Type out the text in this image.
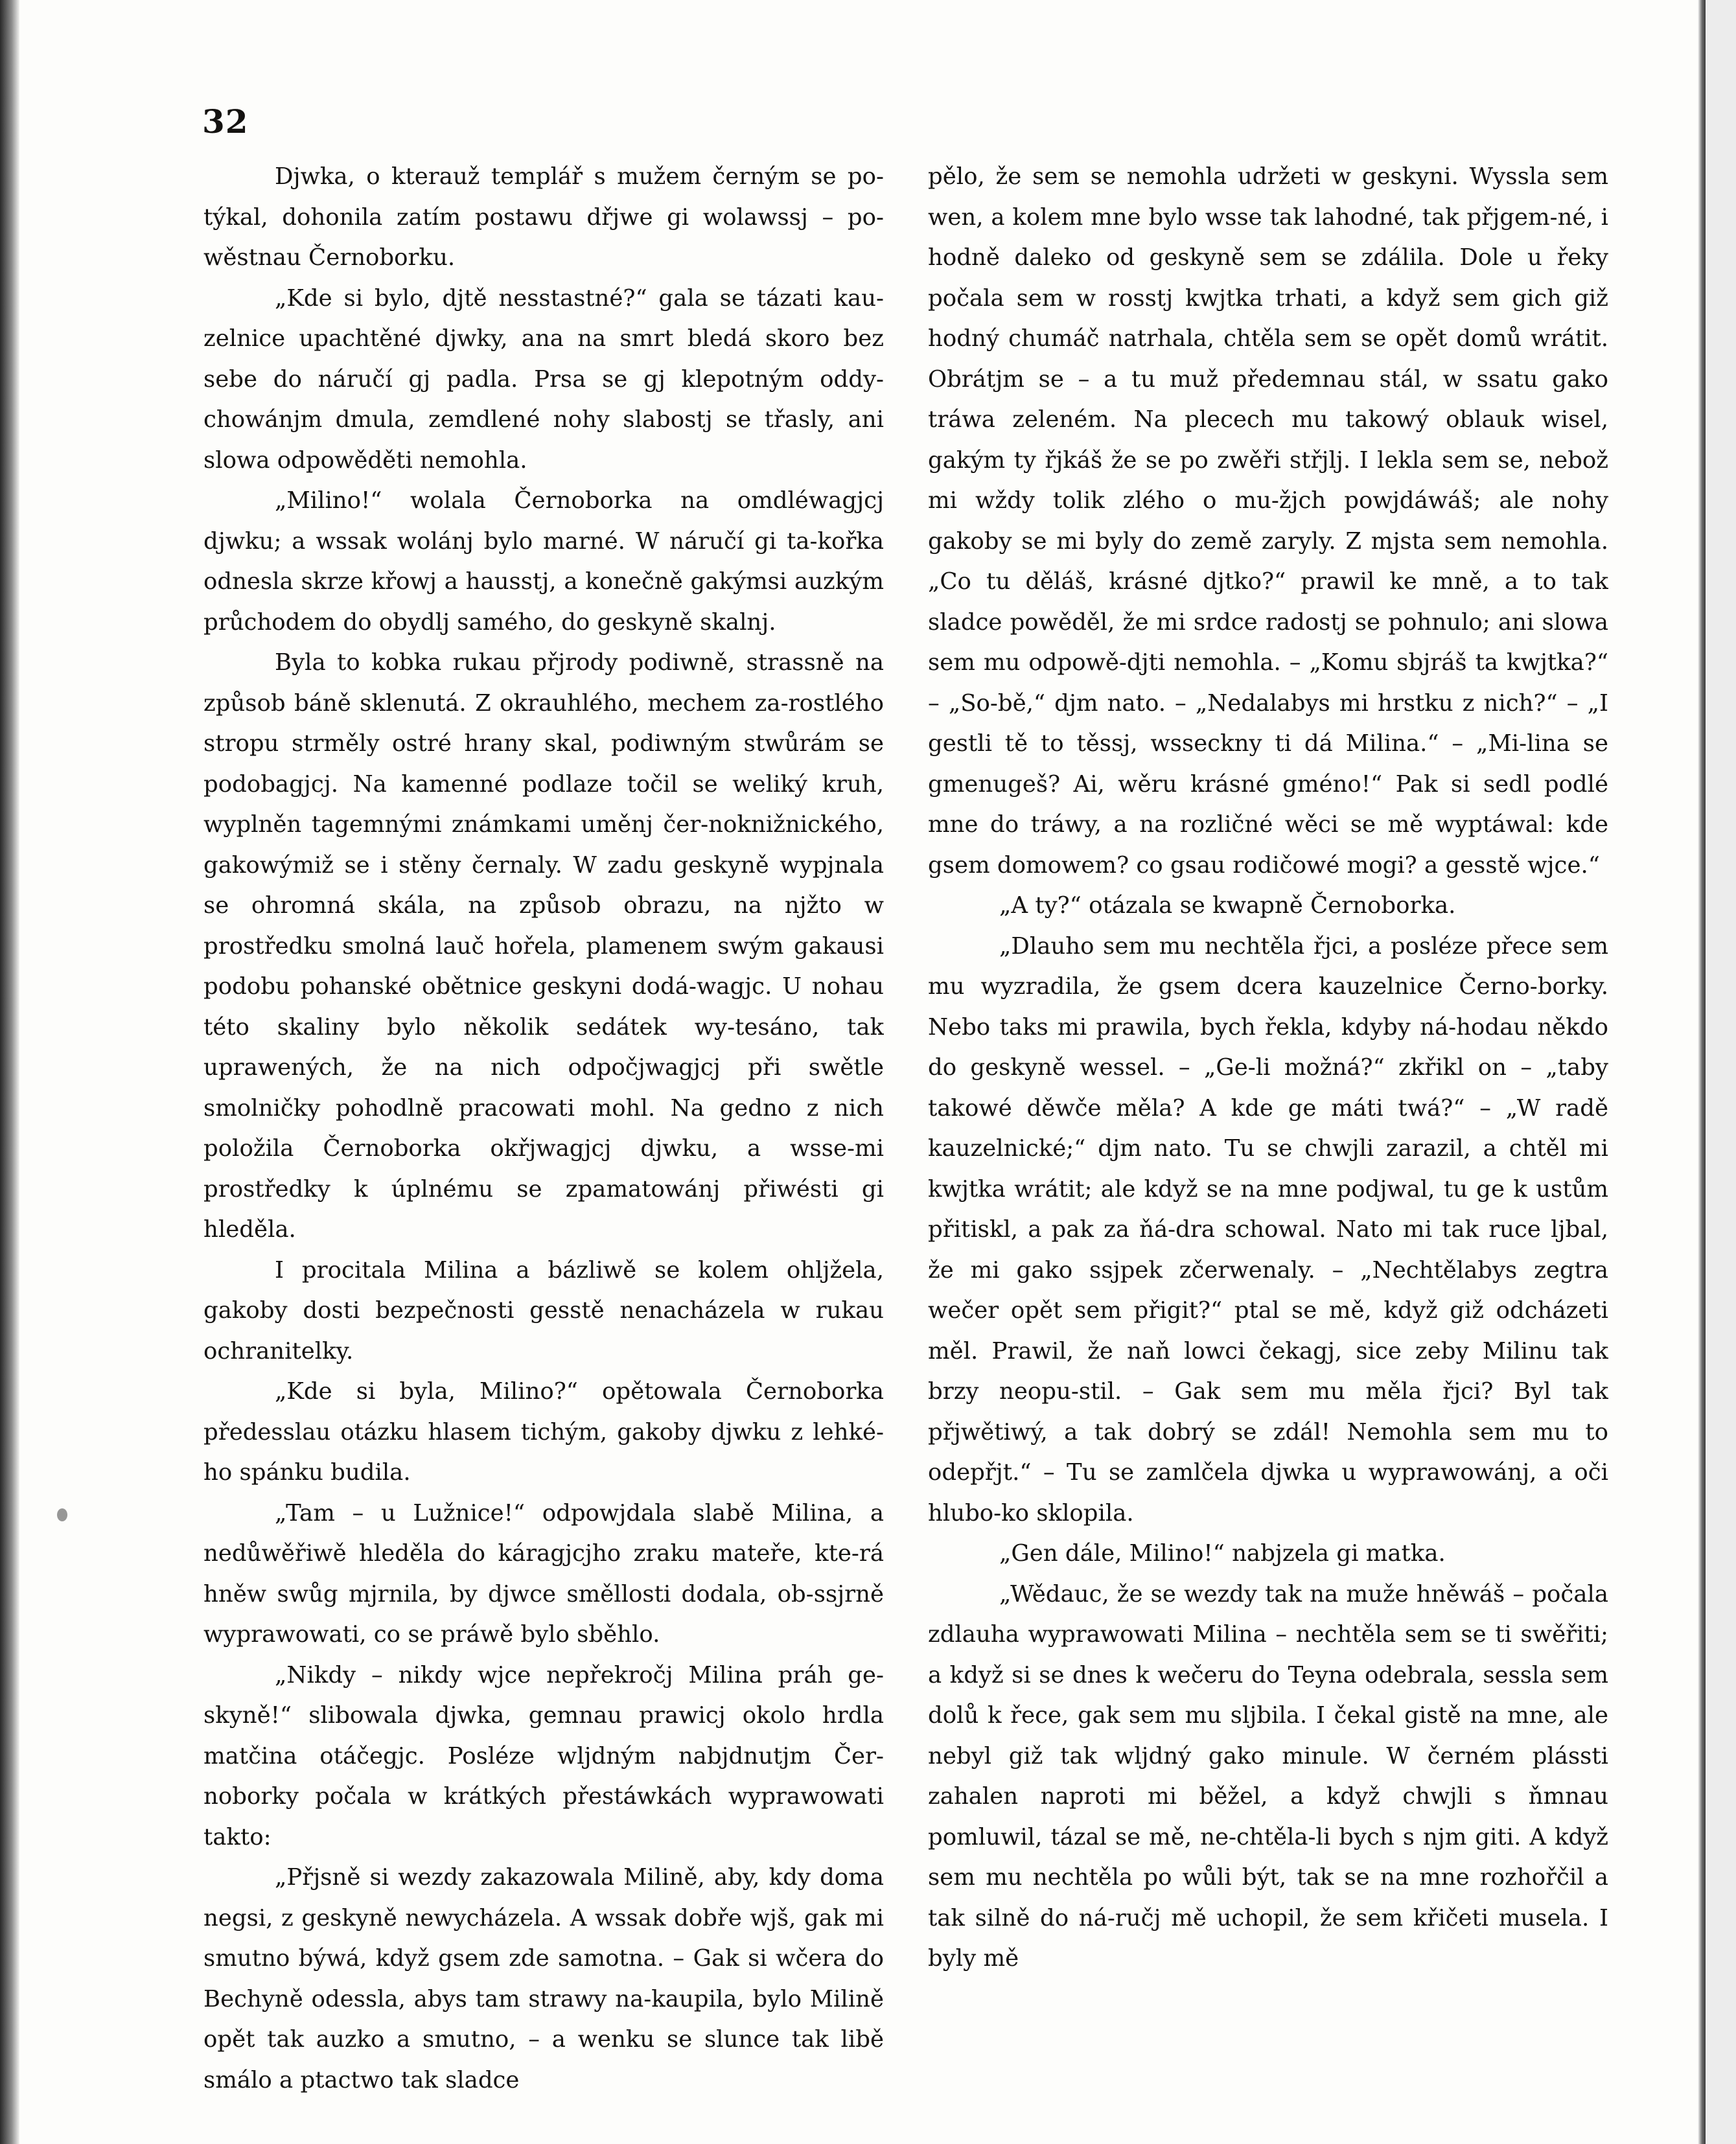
32

Djwka, o kterauž templář s mužem černým se po-týkal, dohonila zatím postawu dřjwe gi wolawssj – po-wěstnau Černoborku.

„Kde si bylo, djtě nesstastné?“ gala se tázati kau-zelnice upachtěné djwky, ana na smrt bledá skoro bez sebe do náručí gj padla. Prsa se gj klepotným oddy-chowánjm dmula, zemdlené nohy slabostj se třasly, ani slowa odpowěděti nemohla.

„Milino!“ wolala Černoborka na omdléwagjcj djwku; a wssak wolánj bylo marné. W náručí gi ta-kořka odnesla skrze křowj a hausstj, a konečně gakýmsi auzkým průchodem do obydlj samého, do geskyně skalnj.

Byla to kobka rukau přjrody podiwně, strassně na způsob báně sklenutá. Z okrauhlého, mechem za-rostlého stropu strměly ostré hrany skal, podiwným stwůrám se podobagjcj. Na kamenné podlaze točil se weliký kruh, wyplněn tagemnými známkami uměnj čer-noknižnického, gakowýmiž se i stěny černaly. W zadu geskyně wypjnala se ohromná skála, na způsob obrazu, na njžto w prostředku smolná lauč hořela, plamenem swým gakausi podobu pohanské obětnice geskyni dodá-wagjc. U nohau této skaliny bylo několik sedátek wy-tesáno, tak uprawených, že na nich odpočjwagjcj při swětle smolničky pohodlně pracowati mohl. Na gedno z nich položila Černoborka okřjwagjcj djwku, a wsse-mi prostředky k úplnému se zpamatowánj přiwésti gi hleděla.

I procitala Milina a bázliwě se kolem ohljžela, gakoby dosti bezpečnosti gesstě nenacházela w rukau ochranitelky.

„Kde si byla, Milino?“ opětowala Černoborka předesslau otázku hlasem tichým, gakoby djwku z lehké-ho spánku budila.

„Tam – u Lužnice!“ odpowjdala slabě Milina, a nedůwěřiwě hleděla do káragjcjho zraku mateře, kte-rá hněw swůg mjrnila, by djwce směllosti dodala, ob-ssjrně wyprawowati, co se práwě bylo sběhlo.

„Nikdy – nikdy wjce nepřekročj Milina práh ge-skyně!“ slibowala djwka, gemnau prawicj okolo hrdla matčina otáčegjc. Posléze wljdným nabjdnutjm Čer-noborky počala w krátkých přestáwkách wyprawowati takto:

„Přjsně si wezdy zakazowala Milině, aby, kdy doma negsi, z geskyně newycházela. A wssak dobře wjš, gak mi smutno býwá, když gsem zde samotna. – Gak si wčera do Bechyně odessla, abys tam strawy na-kaupila, bylo Milině opět tak auzko a smutno, – a wenku se slunce tak libě smálo a ptactwo tak sladce

pělo, že sem se nemohla udržeti w geskyni. Wyssla sem wen, a kolem mne bylo wsse tak lahodné, tak přjgem-né, i hodně daleko od geskyně sem se zdálila. Dole u řeky počala sem w rosstj kwjtka trhati, a když sem gich giž hodný chumáč natrhala, chtěla sem se opět domů wrátit. Obrátjm se – a tu muž předemnau stál, w ssatu gako tráwa zeleném. Na plecech mu takowý oblauk wisel, gakým ty řjkáš že se po zwěři střjlj. I lekla sem se, nebož mi wždy tolik zlého o mu-žjch powjdáwáš; ale nohy gakoby se mi byly do země zaryly. Z mjsta sem nemohla. „Co tu děláš, krásné djtko?“ prawil ke mně, a to tak sladce powěděl, že mi srdce radostj se pohnulo; ani slowa sem mu odpowě-djti nemohla. – „Komu sbjráš ta kwjtka?“ – „So-bě,“ djm nato. – „Nedalabys mi hrstku z nich?“ – „I gestli tě to těssj, wsseckny ti dá Milina.“ – „Mi-lina se gmenugeš? Ai, wěru krásné gméno!“ Pak si sedl podlé mne do tráwy, a na rozličné wěci se mě wyptáwal: kde gsem domowem? co gsau rodičowé mogi? a gesstě wjce.“

„A ty?“ otázala se kwapně Černoborka.

„Dlauho sem mu nechtěla řjci, a posléze přece sem mu wyzradila, že gsem dcera kauzelnice Černo-borky. Nebo taks mi prawila, bych řekla, kdyby ná-hodau někdo do geskyně wessel. – „Ge-li možná?“ zkřikl on – „taby takowé děwče měla? A kde ge máti twá?“ – „W radě kauzelnické;“ djm nato. Tu se chwjli zarazil, a chtěl mi kwjtka wrátit; ale když se na mne podjwal, tu ge k ustům přitiskl, a pak za ňá-dra schowal. Nato mi tak ruce ljbal, že mi gako ssjpek zčerwenaly. – „Nechtělabys zegtra wečer opět sem přigit?“ ptal se mě, když giž odcházeti měl. Prawil, že naň lowci čekagj, sice zeby Milinu tak brzy neopu-stil. – Gak sem mu měla řjci? Byl tak přjwětiwý, a tak dobrý se zdál! Nemohla sem mu to odepřjt.“ – Tu se zamlčela djwka u wyprawowánj, a oči hlubo-ko sklopila.

„Gen dále, Milino!“ nabjzela gi matka.

„Wědauc, že se wezdy tak na muže hněwáš – počala zdlauha wyprawowati Milina – nechtěla sem se ti swěřiti; a když si se dnes k wečeru do Teyna odebrala, sessla sem dolů k řece, gak sem mu sljbila. I čekal gistě na mne, ale nebyl giž tak wljdný gako minule. W černém plássti zahalen naproti mi běžel, a když chwjli s ňmnau pomluwil, tázal se mě, ne-chtěla-li bych s njm giti. A když sem mu nechtěla po wůli být, tak se na mne rozhořčil a tak silně do ná-ručj mě uchopil, že sem křičeti musela. I byly mě
